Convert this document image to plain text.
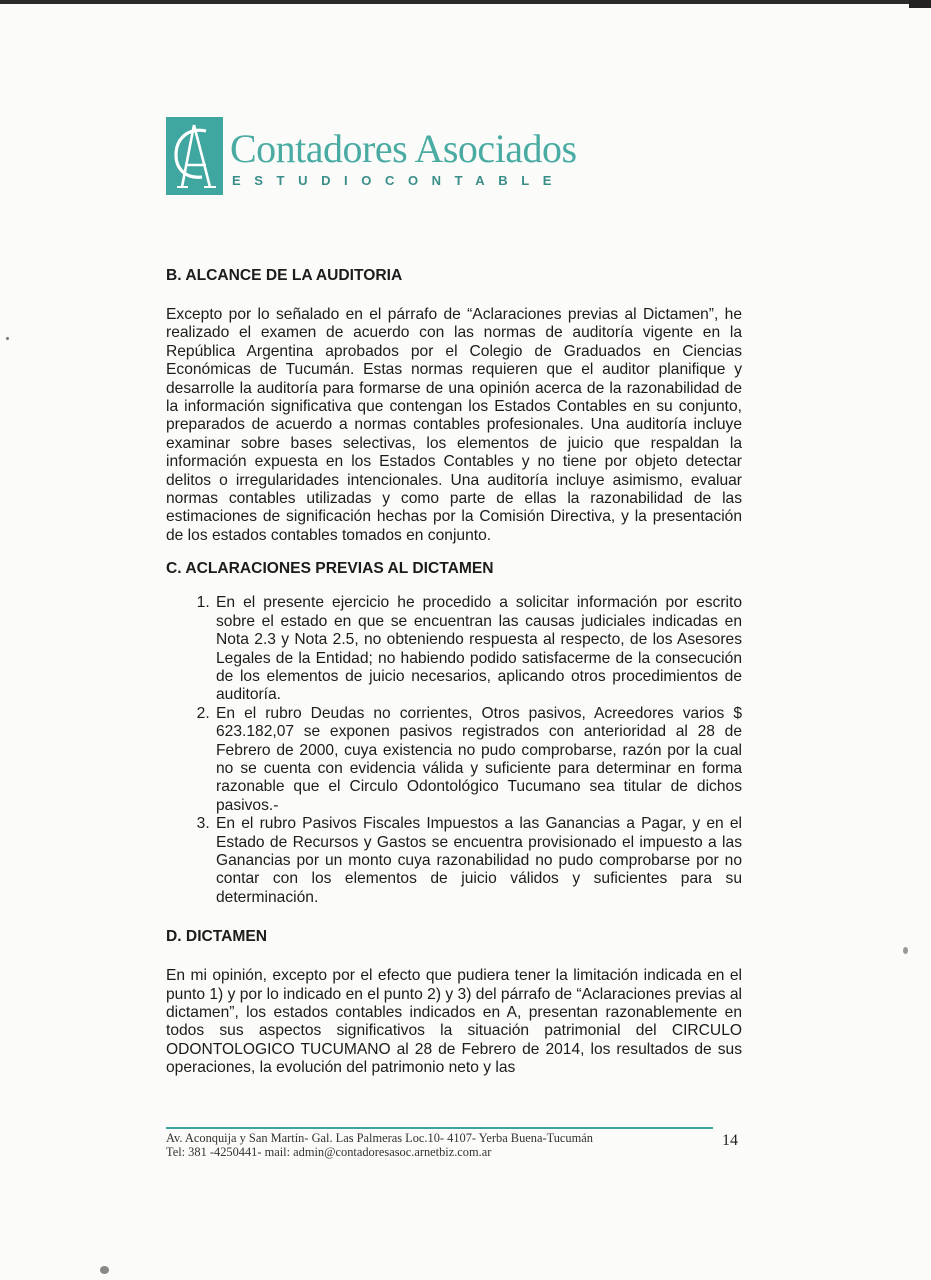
Contadores Asociados
ESTUDIOCONTABLE
B. ALCANCE DE LA AUDITORIA

Excepto por lo señalado en el párrafo de “Aclaraciones previas al Dictamen”, he realizado el examen de acuerdo con las normas de auditoría vigente en la República Argentina aprobados por el Colegio de Graduados en Ciencias Económicas de Tucumán. Estas normas requieren que el auditor planifique y desarrolle la auditoría para formarse de una opinión acerca de la razonabilidad de la información significativa que contengan los Estados Contables en su conjunto, preparados de acuerdo a normas contables profesionales. Una auditoría incluye examinar sobre bases selectivas, los elementos de juicio que respaldan la información expuesta en los Estados Contables y no tiene por objeto detectar delitos o irregularidades intencionales. Una auditoría incluye asimismo, evaluar normas contables utilizadas y como parte de ellas la razonabilidad de las estimaciones de significación hechas por la Comisión Directiva, y la presentación de los estados contables tomados en conjunto.

C. ACLARACIONES PREVIAS AL DICTAMEN
1. En el presente ejercicio he procedido a solicitar información por escrito sobre el estado en que se encuentran las causas judiciales indicadas en Nota 2.3 y Nota 2.5, no obteniendo respuesta al respecto, de los Asesores Legales de la Entidad; no habiendo podido satisfacerme de la consecución de los elementos de juicio necesarios, aplicando otros procedimientos de auditoría.
2. En el rubro Deudas no corrientes, Otros pasivos, Acreedores varios $ 623.182,07 se exponen pasivos registrados con anterioridad al 28 de Febrero de 2000, cuya existencia no pudo comprobarse, razón por la cual no se cuenta con evidencia válida y suficiente para determinar en forma razonable que el Circulo Odontológico Tucumano sea titular de dichos pasivos.-
3. En el rubro Pasivos Fiscales Impuestos a las Ganancias a Pagar, y en el Estado de Recursos y Gastos se encuentra provisionado el impuesto a las Ganancias por un monto cuya razonabilidad no pudo comprobarse por no contar con los elementos de juicio válidos y suficientes para su determinación.
D. DICTAMEN

En mi opinión, excepto por el efecto que pudiera tener la limitación indicada en el punto 1) y por lo indicado en el punto 2) y 3) del párrafo de “Aclaraciones previas al dictamen”, los estados contables indicados en A, presentan razonablemente en todos sus aspectos significativos la situación patrimonial del CIRCULO ODONTOLOGICO TUCUMANO al 28 de Febrero de 2014, los resultados de sus operaciones, la evolución del patrimonio neto y las

Av. Aconquija y San Martín- Gal. Las Palmeras Loc.10- 4107- Yerba Buena-Tucumán
Tel: 381 -4250441- mail: admin@contadoresasoc.arnetbiz.com.ar
14
